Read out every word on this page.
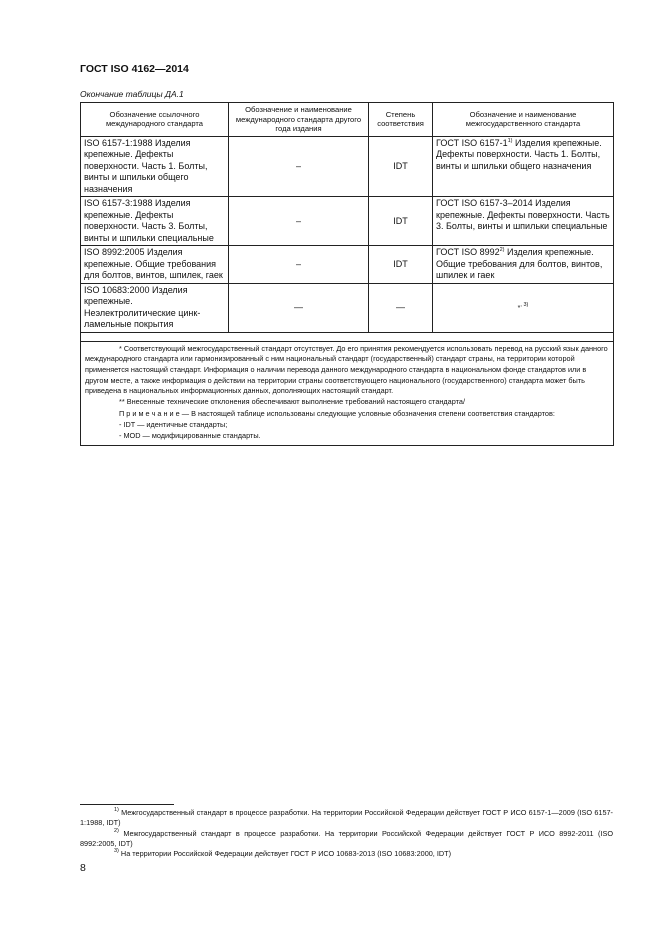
ГОСТ ISO 4162—2014
Окончание таблицы ДА.1
Обозначение ссылочного международного стандарта	Обозначение и наименование международного стандарта другого года издания	Степень соответствия	Обозначение и наименование межгосударственного стандарта
ISO 6157-1:1988 Изделия крепежные. Дефекты поверхности. Часть 1. Болты, винты и шпильки общего назначения	–	IDT	ГОСТ ISO 6157-1$^{1)}$ Изделия крепежные. Дефекты поверхности. Часть 1. Болты, винты и шпильки общего назначения
ISO 6157-3:1988 Изделия крепежные. Дефекты поверхности. Часть 3. Болты, винты и шпильки специальные	–	IDT	ГОСТ ISO 6157-3–2014 Изделия крепежные. Дефекты поверхности. Часть 3. Болты, винты и шпильки специальные
ISO 8992:2005 Изделия крепежные. Общие требования для болтов, винтов, шпилек, гаек	–	IDT	ГОСТ ISO 8992$^{2)}$ Изделия крепежные. Общие требования для болтов, винтов, шпилек и гаек
ISO 10683:2000 Изделия крепежные. Неэлектролитические цинк-ламельные покрытия	—	—	*$^{, 3)}$

* Соответствующий межгосударственный стандарт отсутствует. До его принятия рекомендуется использовать перевод на русский язык данного международного стандарта или гармонизированный с ним национальный стандарт (государственный) стандарт страны, на территории которой применяется настоящий стандарт. Информация о наличии перевода данного международного стандарта в национальном фонде стандартов или в другом месте, а также информация о действии на территории страны соответствующего национального (государственного) стандарта может быть приведена в национальных информационных данных, дополняющих настоящий стандарт.
** Внесенные технические отклонения обеспечивают выполнение требований настоящего стандарта/
П р и м е ч а н и е — В настоящей таблице использованы следующие условные обозначения степени соответствия стандартов:
- IDT — идентичные стандарты;
- MOD — модифицированные стандарты.			

$^{1)}$ Межгосударственный стандарт в процессе разработки. На территории Российской Федерации действует ГОСТ Р ИСО 6157-1—2009 (ISO 6157-1:1988, IDT)

$^{2)}$ Межгосударственный стандарт в процессе разработки. На территории Российской Федерации действует ГОСТ Р ИСО 8992-2011 (ISO 8992:2005, IDT)

$^{3)}$ На территории Российской Федерации действует ГОСТ Р ИСО 10683-2013 (ISO 10683:2000, IDT)

8
